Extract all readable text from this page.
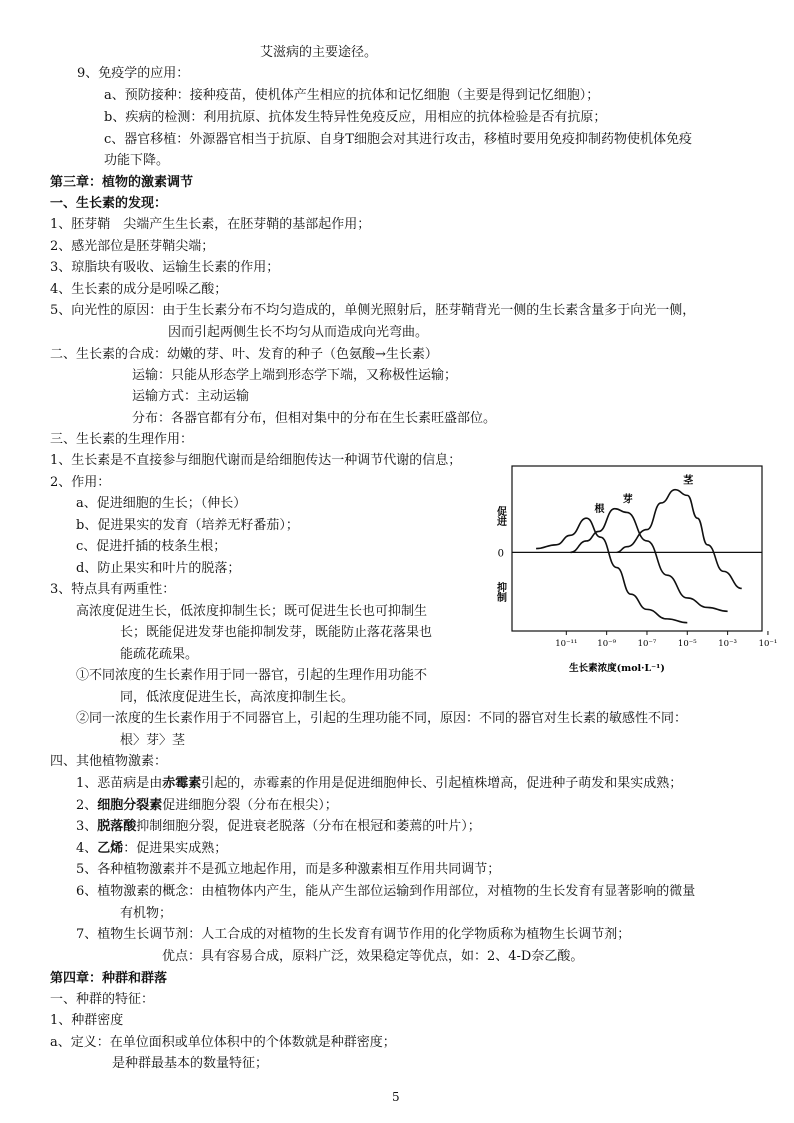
艾滋病的主要途径。
9、免疫学的应用：
a、预防接种：接种疫苗，使机体产生相应的抗体和记忆细胞（主要是得到记忆细胞）；
b、疾病的检测：利用抗原、抗体发生特异性免疫反应，用相应的抗体检验是否有抗原；
c、器官移植：外源器官相当于抗原、自身T细胞会对其进行攻击，移植时要用免疫抑制药物使机体免疫
功能下降。
第三章：植物的激素调节
一、生长素的发现：
1、胚芽鞘　尖端产生生长素，在胚芽鞘的基部起作用；
2、感光部位是胚芽鞘尖端；
3、琼脂块有吸收、运输生长素的作用；
4、生长素的成分是吲哚乙酸；
5、向光性的原因：由于生长素分布不均匀造成的，单侧光照射后，胚芽鞘背光一侧的生长素含量多于向光一侧，
因而引起两侧生长不均匀从而造成向光弯曲。
二、生长素的合成：幼嫩的芽、叶、发育的种子（色氨酸→生长素）
运输：只能从形态学上端到形态学下端，又称极性运输；
运输方式：主动运输
分布：各器官都有分布，但相对集中的分布在生长素旺盛部位。
三、生长素的生理作用：
1、生长素是不直接参与细胞代谢而是给细胞传达一种调节代谢的信息；
2、作用：
a、促进细胞的生长；（伸长）
b、促进果实的发育（培养无籽番茄）；
c、促进扦插的枝条生根；
d、防止果实和叶片的脱落；
3、特点具有两重性：
高浓度促进生长，低浓度抑制生长；既可促进生长也可抑制生
长；既能促进发芽也能抑制发芽，既能防止落花落果也
能疏花疏果。
①不同浓度的生长素作用于同一器官，引起的生理作用功能不
同，低浓度促进生长，高浓度抑制生长。
②同一浓度的生长素作用于不同器官上，引起的生理功能不同，原因：不同的器官对生长素的敏感性不同：
根〉芽〉茎
四、其他植物激素：
1、恶苗病是由赤霉素引起的，赤霉素的作用是促进细胞伸长、引起植株增高，促进种子萌发和果实成熟；
2、细胞分裂素促进细胞分裂（分布在根尖）；
3、脱落酸抑制细胞分裂，促进衰老脱落（分布在根冠和萎蔫的叶片）；
4、乙烯：促进果实成熟；
5、各种植物激素并不是孤立地起作用，而是多种激素相互作用共同调节；
6、植物激素的概念：由植物体内产生，能从产生部位运输到作用部位，对植物的生长发育有显著影响的微量
有机物；
7、植物生长调节剂：人工合成的对植物的生长发育有调节作用的化学物质称为植物生长调节剂；
优点：具有容易合成，原料广泛，效果稳定等优点，如：2、4-D奈乙酸。
第四章：种群和群落
一、种群的特征：
1、种群密度
a、定义：在单位面积或单位体积中的个体数就是种群密度；
是种群最基本的数量特征；
0
促进
抑制
10⁻¹¹ 10⁻⁹	10⁻⁷	10⁻⁵	10⁻³	10⁻¹
生长素浓度(mol·L⁻¹)
根
芽
茎
5
